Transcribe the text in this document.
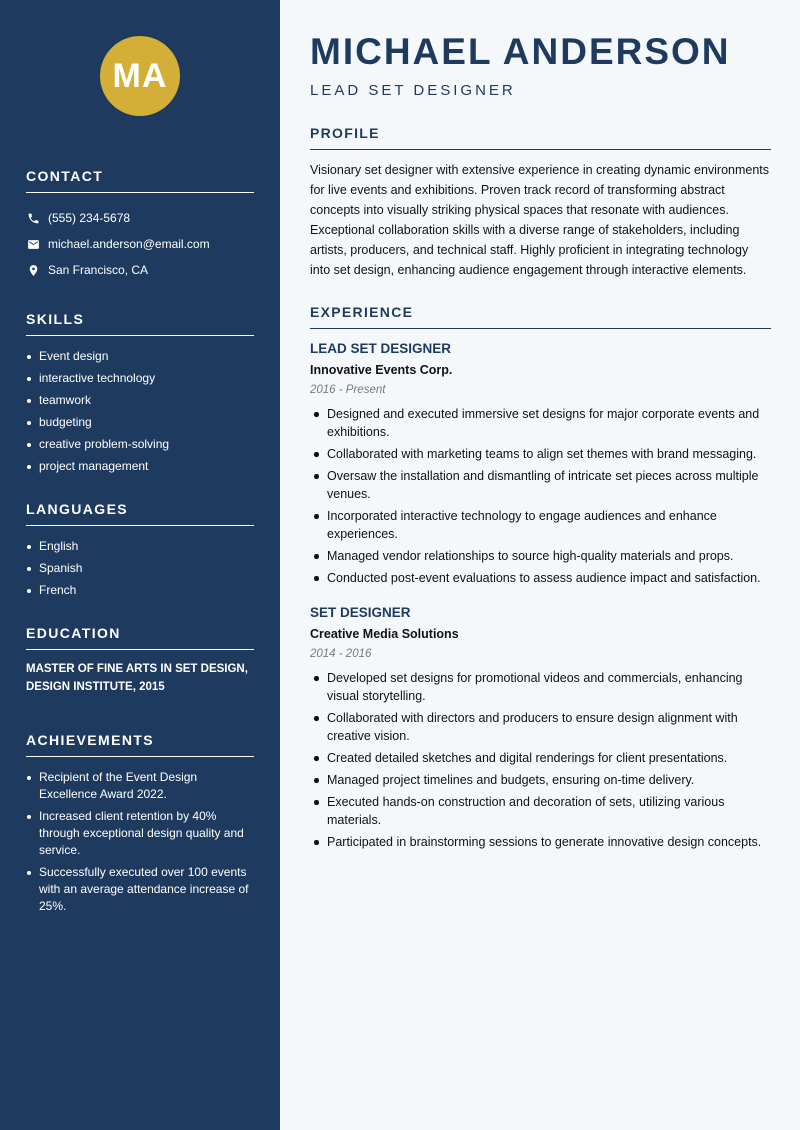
MA
CONTACT
(555) 234-5678
michael.anderson@email.com
San Francisco, CA
SKILLS
Event design
interactive technology
teamwork
budgeting
creative problem-solving
project management
LANGUAGES
English
Spanish
French
EDUCATION

MASTER OF FINE ARTS IN SET DESIGN, DESIGN INSTITUTE, 2015

ACHIEVEMENTS
Recipient of the Event Design Excellence Award 2022.
Increased client retention by 40% through exceptional design quality and service.
Successfully executed over 100 events with an average attendance increase of 25%.
MICHAEL ANDERSON
LEAD SET DESIGNER
PROFILE

Visionary set designer with extensive experience in creating dynamic environments for live events and exhibitions. Proven track record of transforming abstract concepts into visually striking physical spaces that resonate with audiences. Exceptional collaboration skills with a diverse range of stakeholders, including artists, producers, and technical staff. Highly proficient in integrating technology into set design, enhancing audience engagement through interactive elements.

EXPERIENCE
LEAD SET DESIGNER
Innovative Events Corp.
2016 - Present
Designed and executed immersive set designs for major corporate events and exhibitions.
Collaborated with marketing teams to align set themes with brand messaging.
Oversaw the installation and dismantling of intricate set pieces across multiple venues.
Incorporated interactive technology to engage audiences and enhance experiences.
Managed vendor relationships to source high-quality materials and props.
Conducted post-event evaluations to assess audience impact and satisfaction.
SET DESIGNER
Creative Media Solutions
2014 - 2016
Developed set designs for promotional videos and commercials, enhancing visual storytelling.
Collaborated with directors and producers to ensure design alignment with creative vision.
Created detailed sketches and digital renderings for client presentations.
Managed project timelines and budgets, ensuring on-time delivery.
Executed hands-on construction and decoration of sets, utilizing various materials.
Participated in brainstorming sessions to generate innovative design concepts.
